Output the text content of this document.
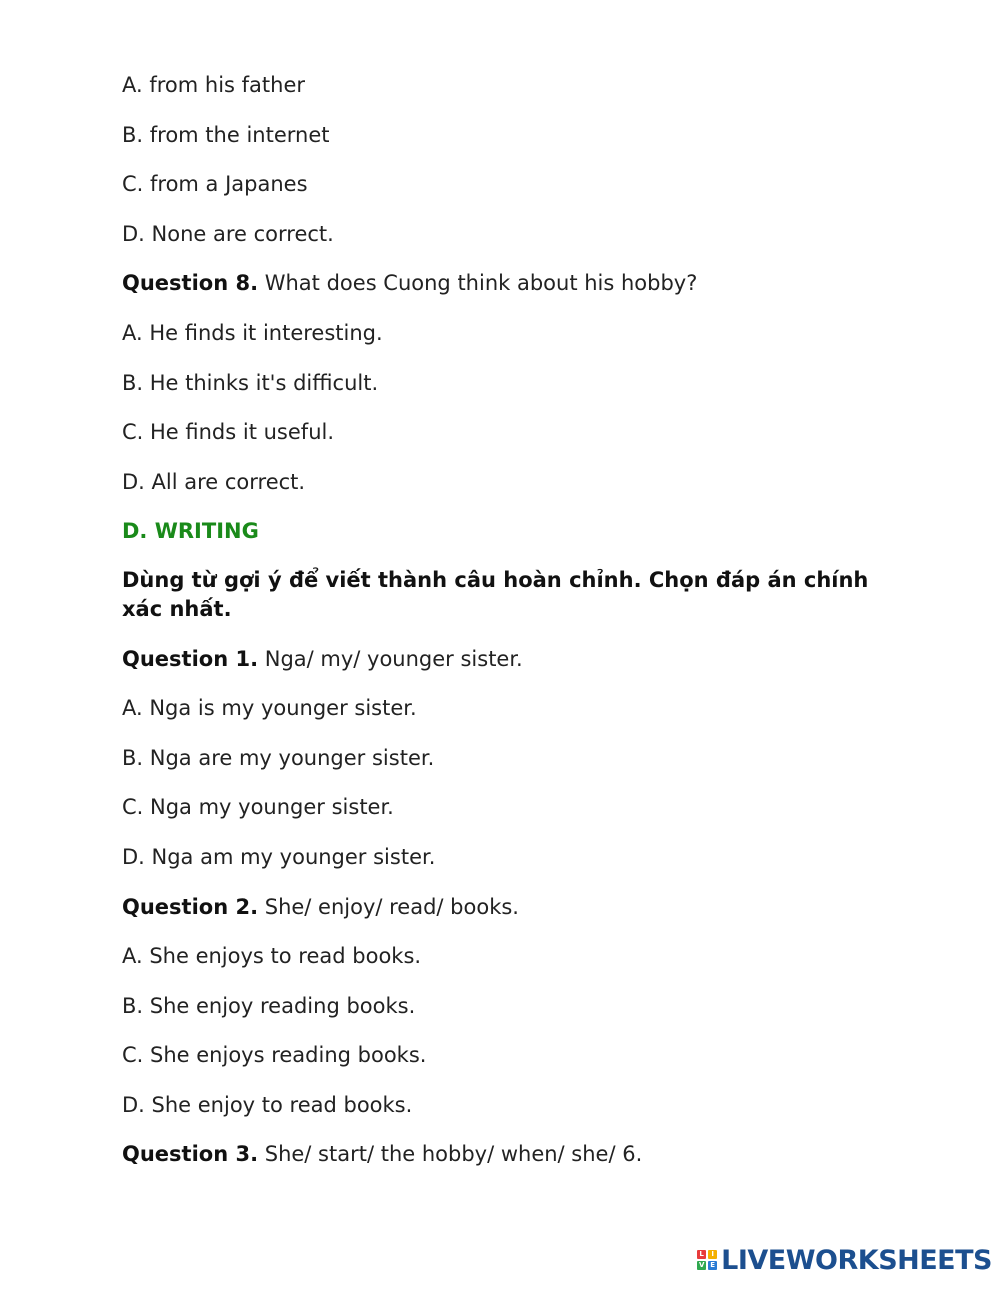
A. from his father
B. from the internet
C. from a Japanes
D. None are correct.
Question 8. What does Cuong think about his hobby?
A. He finds it interesting.
B. He thinks it's difficult.
C. He finds it useful.
D. All are correct.
D. WRITING
Dùng từ gợi ý để viết thành câu hoàn chỉnh. Chọn đáp án chính xác nhất.
Question 1. Nga/ my/ younger sister.
A. Nga is my younger sister.
B. Nga are my younger sister.
C. Nga my younger sister.
D. Nga am my younger sister.
Question 2. She/ enjoy/ read/ books.
A. She enjoys to read books.
B. She enjoy reading books.
C. She enjoys reading books.
D. She enjoy to read books.
Question 3. She/ start/ the hobby/ when/ she/ 6.
L	I
V E LIVEWORKSHEETS
